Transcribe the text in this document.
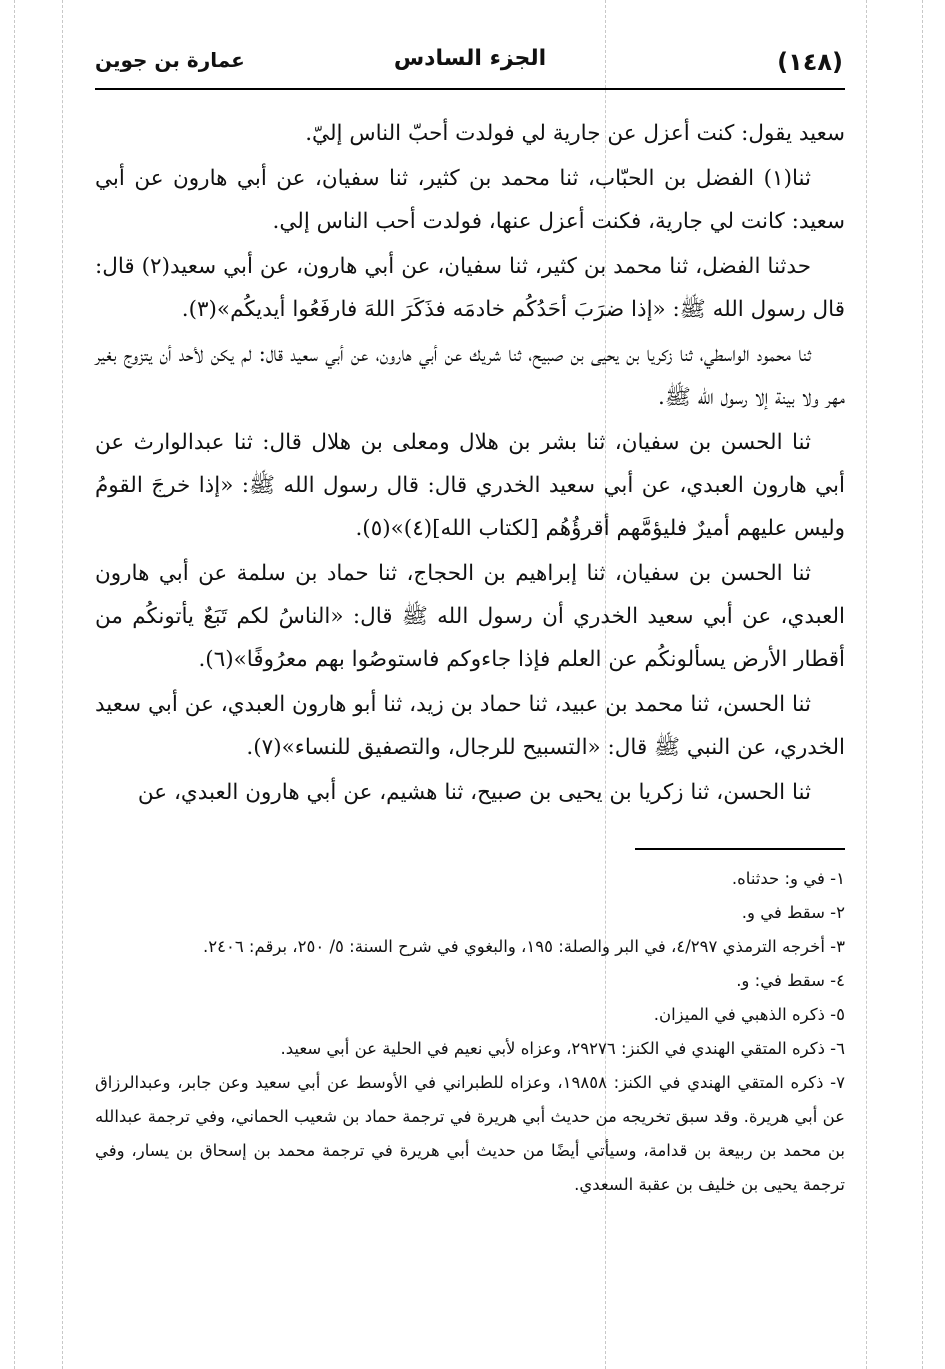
(١٤٨)
الجزء السادس
عمارة بن جوين

سعيد يقول: كنت أعزل عن جارية لي فولدت أحبّ الناس إليّ.

ثنا(١) الفضل بن الحبّاب، ثنا محمد بن كثير، ثنا سفيان، عن أبي هارون عن أبي سعيد: كانت لي جارية، فكنت أعزل عنها، فولدت أحب الناس إلي.

حدثنا الفضل، ثنا محمد بن كثير، ثنا سفيان، عن أبي هارون، عن أبي سعيد(٢) قال: قال رسول الله ﷺ: «إذا ضرَبَ أحَدُكُم خادمَه فذَكَرَ اللهَ فارفَعُوا أيديكُم»(٣).

ثنا محمود الواسطي، ثنا زكريا بن يحيى بن صبيح، ثنا شريك عن أبي هارون، عن أبي سعيد قال: لم يكن لأحد أن يتزوج بغير مهر ولا بينة إلا رسول الله ﷺ.

ثنا الحسن بن سفيان، ثنا بشر بن هلال ومعلى بن هلال قال: ثنا عبدالوارث عن أبي هارون العبدي، عن أبي سعيد الخدري قال: قال رسول الله ﷺ: «إذا خرجَ القومُ وليس عليهم أميرٌ فليؤمَّهم أقرؤُهُم [لكتاب الله](٤)»(٥).

ثنا الحسن بن سفيان، ثنا إبراهيم بن الحجاج، ثنا حماد بن سلمة عن أبي هارون العبدي، عن أبي سعيد الخدري أن رسول الله ﷺ قال: «الناسُ لكم تَبَعٌ يأتونكُم من أقطار الأرض يسألونكُم عن العلم فإذا جاءوكم فاستوصُوا بهم معرُوفًا»(٦).

ثنا الحسن، ثنا محمد بن عبيد، ثنا حماد بن زيد، ثنا أبو هارون العبدي، عن أبي سعيد الخدري، عن النبي ﷺ قال: «التسبيح للرجال، والتصفيق للنساء»(٧).

ثنا الحسن، ثنا زكريا بن يحيى بن صبيح، ثنا هشيم، عن أبي هارون العبدي، عن

١- في و: حدثناه.

٢- سقط في و.

٣- أخرجه الترمذي ٤/٢٩٧، في البر والصلة: ١٩٥، والبغوي في شرح السنة: ٥/ ٢٥٠، برقم: ٢٤٠٦.

٤- سقط في: و.

٥- ذكره الذهبي في الميزان.

٦- ذكره المتقي الهندي في الكنز: ٢٩٢٧٦، وعزاه لأبي نعيم في الحلية عن أبي سعيد.

٧- ذكره المتقي الهندي في الكنز: ١٩٨٥٨، وعزاه للطبراني في الأوسط عن أبي سعيد وعن جابر، وعبدالرزاق عن أبي هريرة. وقد سبق تخريجه من حديث أبي هريرة في ترجمة حماد بن شعيب الحماني، وفي ترجمة عبدالله بن محمد بن ربيعة بن قدامة، وسيأتي أيضًا من حديث أبي هريرة في ترجمة محمد بن إسحاق بن يسار، وفي ترجمة يحيى بن خليف بن عقبة السعدي.
